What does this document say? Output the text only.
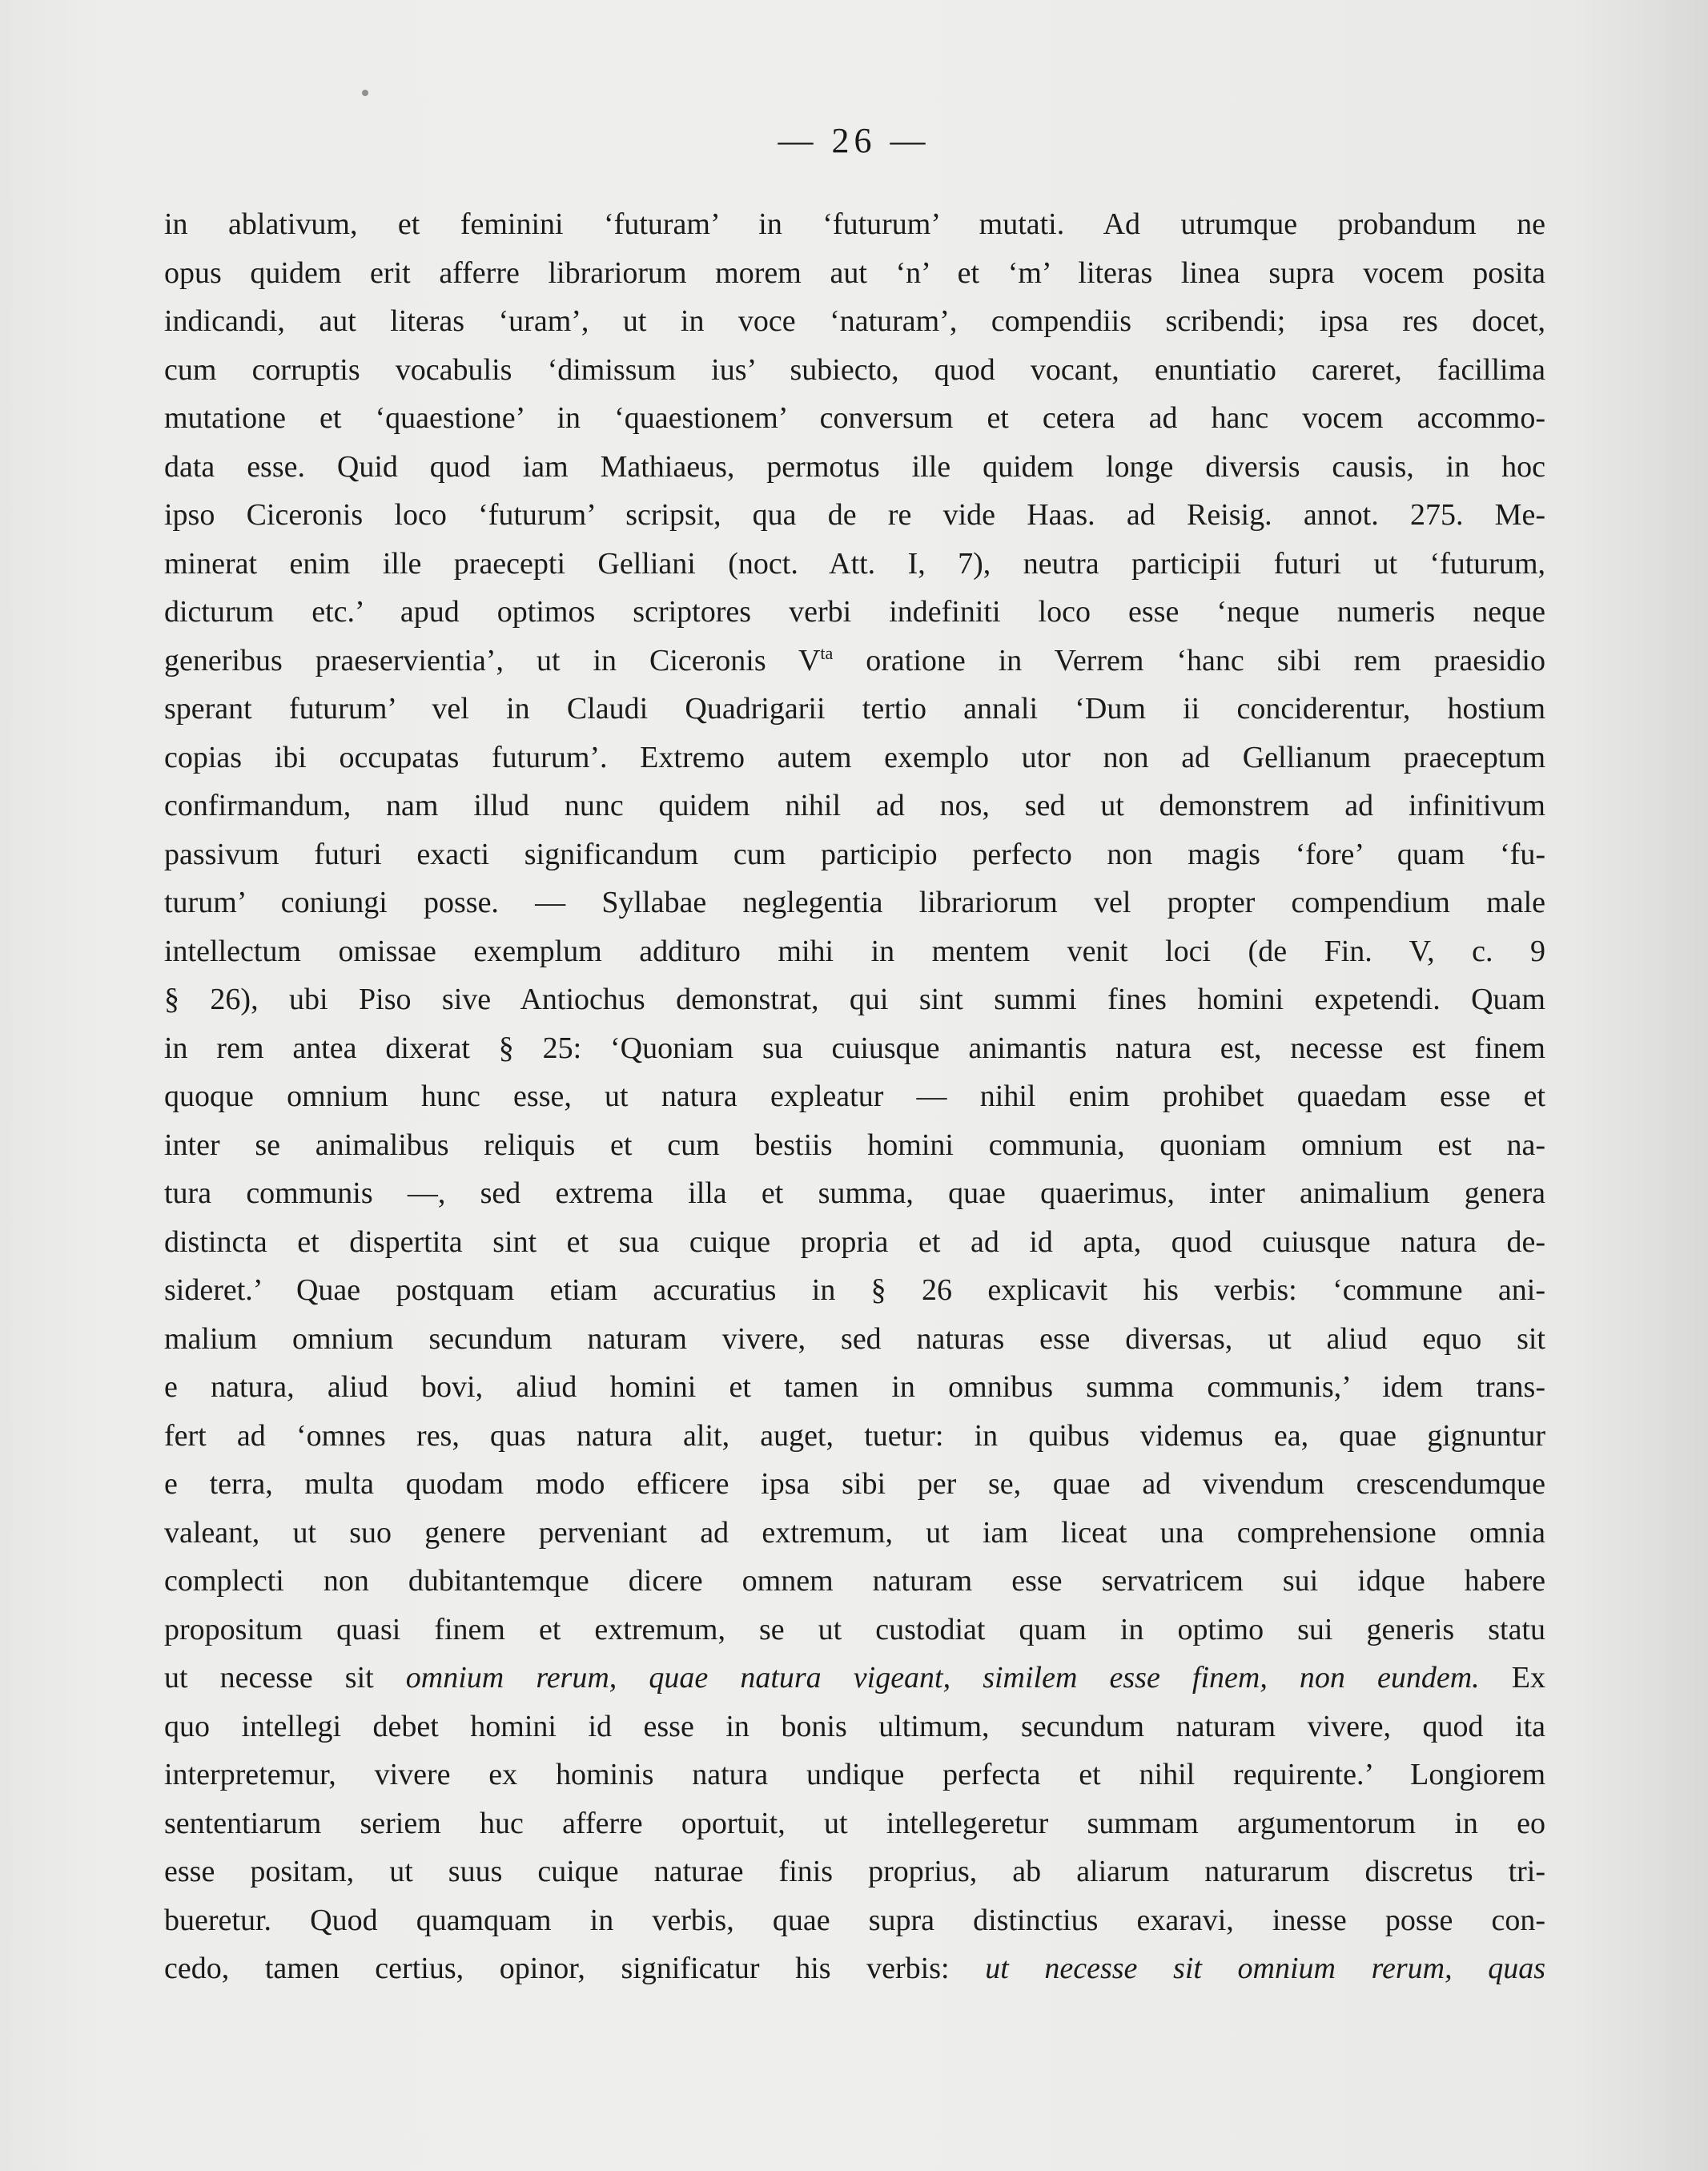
— 26 —
in ablativum, et feminini ‘futuram’ in ‘futurum’ mutati. Ad utrumque probandum ne
opus quidem erit afferre librariorum morem aut ‘n’ et ‘m’ literas linea supra vocem posita
indicandi, aut literas ‘uram’, ut in voce ‘naturam’, compendiis scribendi; ipsa res docet,
cum corruptis vocabulis ‘dimissum ius’ subiecto, quod vocant, enuntiatio careret, facillima
mutatione et ‘quaestione’ in ‘quaestionem’ conversum et cetera ad hanc vocem accommo-
data esse. Quid quod iam Mathiaeus, permotus ille quidem longe diversis causis, in hoc
ipso Ciceronis loco ‘futurum’ scripsit, qua de re vide Haas. ad Reisig. annot. 275. Me-
minerat enim ille praecepti Gelliani (noct. Att. I, 7), neutra participii futuri ut ‘futurum,
dicturum etc.’ apud optimos scriptores verbi indefiniti loco esse ‘neque numeris neque
generibus praeservientia’, ut in Ciceronis $V^{ta}$ oratione in Verrem ‘hanc sibi rem praesidio
sperant futurum’ vel in Claudi Quadrigarii tertio annali ‘Dum ii conciderentur, hostium
copias ibi occupatas futurum’. Extremo autem exemplo utor non ad Gellianum praeceptum
confirmandum, nam illud nunc quidem nihil ad nos, sed ut demonstrem ad infinitivum
passivum futuri exacti significandum cum participio perfecto non magis ‘fore’ quam ‘fu-
turum’ coniungi posse. — Syllabae neglegentia librariorum vel propter compendium male
intellectum omissae exemplum addituro mihi in mentem venit loci (de Fin. V, c. 9
§ 26), ubi Piso sive Antiochus demonstrat, qui sint summi fines homini expetendi. Quam
in rem antea dixerat § 25: ‘Quoniam sua cuiusque animantis natura est, necesse est finem
quoque omnium hunc esse, ut natura expleatur — nihil enim prohibet quaedam esse et
inter se animalibus reliquis et cum bestiis homini communia, quoniam omnium est na-
tura communis —, sed extrema illa et summa, quae quaerimus, inter animalium genera
distincta et dispertita sint et sua cuique propria et ad id apta, quod cuiusque natura de-
sideret.’ Quae postquam etiam accuratius in § 26 explicavit his verbis: ‘commune ani-
malium omnium secundum naturam vivere, sed naturas esse diversas, ut aliud equo sit
e natura, aliud bovi, aliud homini et tamen in omnibus summa communis,’ idem trans-
fert ad ‘omnes res, quas natura alit, auget, tuetur: in quibus videmus ea, quae gignuntur
e terra, multa quodam modo efficere ipsa sibi per se, quae ad vivendum crescendumque
valeant, ut suo genere perveniant ad extremum, ut iam liceat una comprehensione omnia
complecti non dubitantemque dicere omnem naturam esse servatricem sui idque habere
propositum quasi finem et extremum, se ut custodiat quam in optimo sui generis statu
ut necesse sit omnium rerum, quae natura vigeant, similem esse finem, non eundem. Ex
quo intellegi debet homini id esse in bonis ultimum, secundum naturam vivere, quod ita
interpretemur, vivere ex hominis natura undique perfecta et nihil requirente.’ Longiorem
sententiarum seriem huc afferre oportuit, ut intellegeretur summam argumentorum in eo
esse positam, ut suus cuique naturae finis proprius, ab aliarum naturarum discretus tri-
bueretur. Quod quamquam in verbis, quae supra distinctius exaravi, inesse posse con-
cedo, tamen certius, opinor, significatur his verbis: ut necesse sit omnium rerum, quas
